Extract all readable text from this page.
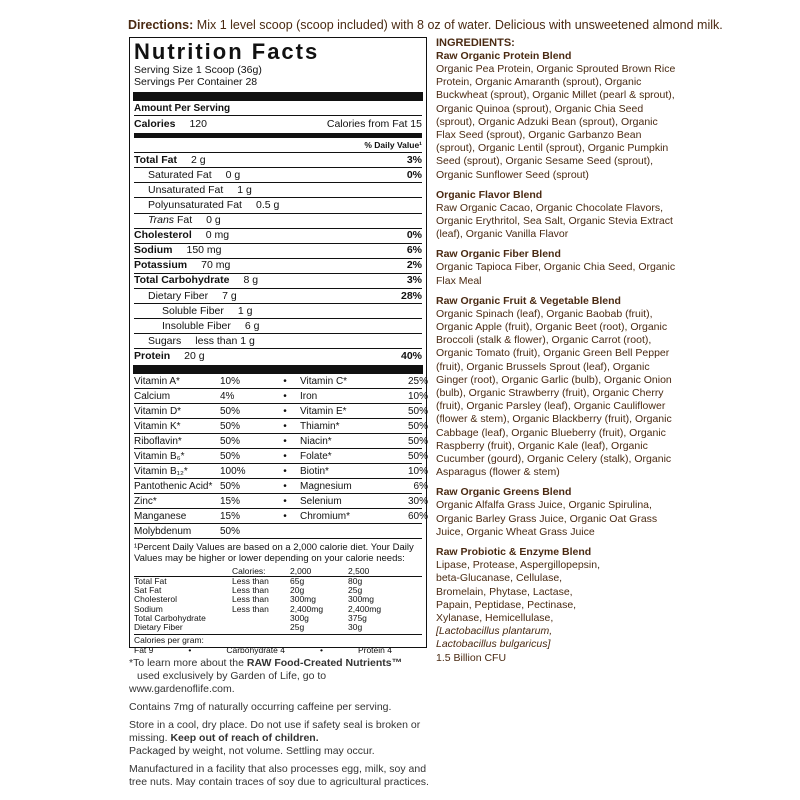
Directions: Mix 1 level scoop (scoop included) with 8 oz of water. Delicious with unsweetened almond milk.
Nutrition Facts
Serving Size 1 Scoop (36g)
Servings Per Container 28
Amount Per Serving
Calories 120	Calories from Fat 15
% Daily Value¹
Total Fat 2 g	3%
Saturated Fat 0 g	0%
Unsaturated Fat 1 g
Polyunsaturated Fat 0.5 g
Trans Fat 0 g
Cholesterol 0 mg	0%
Sodium 150 mg	6%
Potassium 70 mg	2%
Total Carbohydrate 8 g	3%
Dietary Fiber 7 g	28%
Soluble Fiber 1 g
Insoluble Fiber 6 g
Sugars less than 1 g
Protein 20 g	40%
Vitamin A*	10%	•	Vitamin C*	25%
Calcium	4%	•	Iron	10%
Vitamin D*	50%	•	Vitamin E*	50%
Vitamin K*	50%	•	Thiamin*	50%
Riboflavin*	50%	•	Niacin*	50%
Vitamin B₆*	50%	•	Folate*	50%
Vitamin B₁₂*	100%	•	Biotin*	10%
Pantothenic Acid* 50%	•	Magnesium	6%
Zinc*	15%	•	Selenium	30%
Manganese	15%	•	Chromium*	60%
Molybdenum	50%
¹Percent Daily Values are based on a 2,000 calorie diet. Your Daily Values may be higher or lower depending on your calorie needs:
Calories:	2,000	2,500
Total Fat	Less than	65g	80g
Sat Fat	Less than	20g	25g
Cholesterol	Less than	300mg	300mg
Sodium	Less than	2,400mg	2,400mg
Total Carbohydrate	300g	375g
Dietary Fiber	25g	30g
Calories per gram:
Fat 9	•	Carbohydrate 4	•	Protein 4

*To learn more about the RAW Food-Created Nutrients™
used exclusively by Garden of Life, go to www.gardenoflife.com.

Contains 7mg of naturally occurring caffeine per serving.

Store in a cool, dry place. Do not use if safety seal is broken or missing. Keep out of reach of children.
Packaged by weight, not volume. Settling may occur.

Manufactured in a facility that also processes egg, milk, soy and tree nuts. May contain traces of soy due to agricultural practices.

INGREDIENTS:
Raw Organic Protein Blend

Organic Pea Protein, Organic Sprouted Brown Rice Protein, Organic Amaranth (sprout), Organic Buckwheat (sprout), Organic Millet (pearl & sprout), Organic Quinoa (sprout), Organic Chia Seed (sprout), Organic Adzuki Bean (sprout), Organic Flax Seed (sprout), Organic Garbanzo Bean (sprout), Organic Lentil (sprout), Organic Pumpkin Seed (sprout), Organic Sesame Seed (sprout), Organic Sunflower Seed (sprout)

Organic Flavor Blend

Raw Organic Cacao, Organic Chocolate Flavors, Organic Erythritol, Sea Salt, Organic Stevia Extract (leaf), Organic Vanilla Flavor

Raw Organic Fiber Blend

Organic Tapioca Fiber, Organic Chia Seed, Organic Flax Meal

Raw Organic Fruit & Vegetable Blend

Organic Spinach (leaf), Organic Baobab (fruit), Organic Apple (fruit), Organic Beet (root), Organic Broccoli (stalk & flower), Organic Carrot (root), Organic Tomato (fruit), Organic Green Bell Pepper (fruit), Organic Brussels Sprout (leaf), Organic Ginger (root), Organic Garlic (bulb), Organic Onion (bulb), Organic Strawberry (fruit), Organic Cherry (fruit), Organic Parsley (leaf), Organic Cauliflower (flower & stem), Organic Blackberry (fruit), Organic Cabbage (leaf), Organic Blueberry (fruit), Organic Raspberry (fruit), Organic Kale (leaf), Organic Cucumber (gourd), Organic Celery (stalk), Organic Asparagus (flower & stem)

Raw Organic Greens Blend

Organic Alfalfa Grass Juice, Organic Spirulina, Organic Barley Grass Juice, Organic Oat Grass Juice, Organic Wheat Grass Juice

Raw Probiotic & Enzyme Blend

Lipase, Protease, Aspergillopepsin,

beta-Glucanase, Cellulase,

Bromelain, Phytase, Lactase,

Papain, Peptidase, Pectinase,

Xylanase, Hemicellulase,

[Lactobacillus plantarum,

Lactobacillus bulgaricus]

1.5 Billion CFU
